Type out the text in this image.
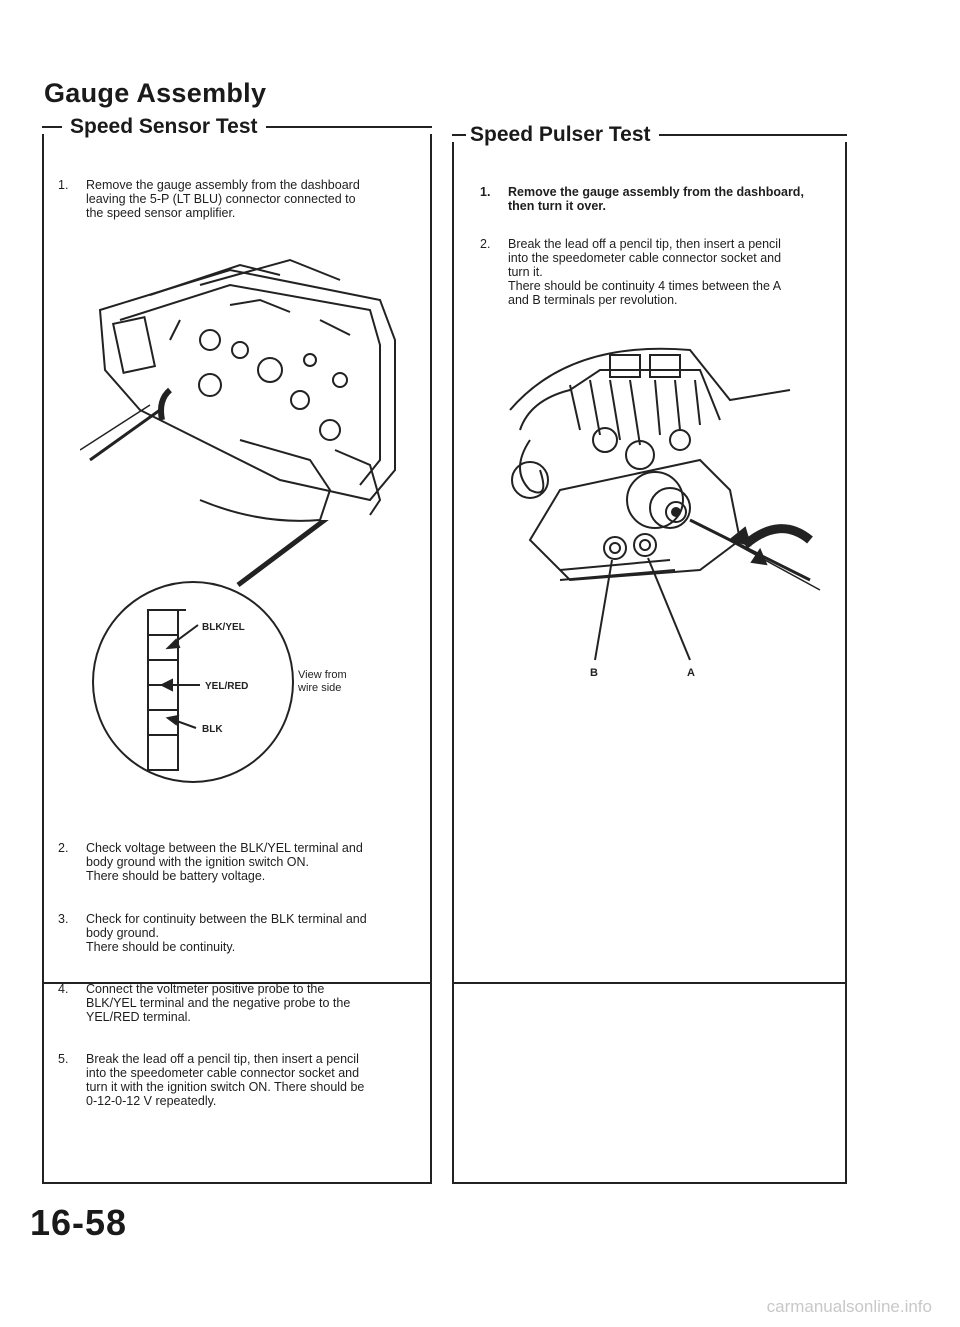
Gauge Assembly
Speed Sensor Test
1. Remove the gauge assembly from the dashboard
leaving the 5-P (LT BLU) connector connected to
the speed sensor amplifier.
BLK/YEL
YEL/RED
BLK
View from
wire side
2. Check voltage between the BLK/YEL terminal and
body ground with the ignition switch ON.
There should be battery voltage.
3. Check for continuity between the BLK terminal and
body ground.
There should be continuity.
4. Connect the voltmeter positive probe to the
BLK/YEL terminal and the negative probe to the
YEL/RED terminal.
5. Break the lead off a pencil tip, then insert a pencil
into the speedometer cable connector socket and
turn it with the ignition switch ON. There should be
0-12-0-12 V repeatedly.
Speed Pulser Test
1. Remove the gauge assembly from the dashboard,
then turn it over.
2. Break the lead off a pencil tip, then insert a pencil
into the speedometer cable connector socket and
turn it.
There should be continuity 4 times between the A
and B terminals per revolution.
B	A
16-58
carmanualsonline.info
